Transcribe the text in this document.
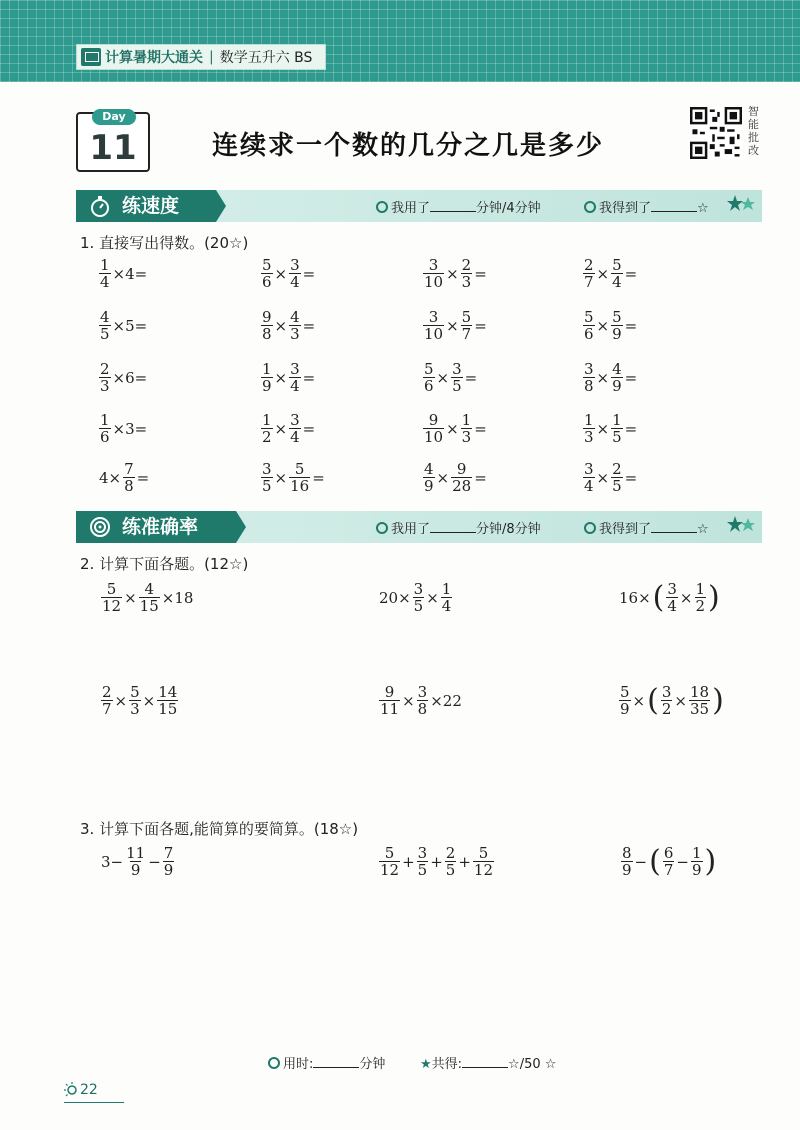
计算暑期大通关 | 数学五升六 BS
Day
11	连续求一个数的几分之几是多少
智
能
批
改
练速度	我用了	分钟/4分钟	我得到了	☆
1. 直接写出得数。(20☆)
$\frac{1}{4} \times 4=$	$\frac{5}{6} \times \frac{3}{4}$ =	$\frac{3}{10} \times \frac{2}{3}$ =	$\frac{2}{7} \times \frac{5}{4}$ =
$\frac{4}{5} \times 5=$	$\frac{9}{8} \times \frac{4}{3}$ =	$\frac{3}{10} \times \frac{5}{7}$ =	$\frac{5}{6} \times \frac{5}{9}$ =
$\frac{2}{3} \times 6=$	$\frac{1}{9} \times \frac{3}{4}$ =	$\frac{5}{6} \times \frac{3}{5}$ =	$\frac{3}{8} \times \frac{4}{9}$ =
$\frac{1}{6} \times 3=$	$\frac{1}{2} \times \frac{3}{4}$ =	$\frac{9}{10} \times \frac{1}{3}$ =	$\frac{1}{3} \times \frac{1}{5}$ =
$4\times \frac{7}{8}$ =	$\frac{3}{5} \times \frac{5}{16}$ =	$\frac{4}{9} \times \frac{9}{28}$ =	$\frac{3}{4} \times \frac{2}{5}$ =
练准确率	我用了	分钟/8分钟	我得到了	☆
2. 计算下面各题。(12☆)
$\frac{5}{12} \times \frac{4}{15} \times 18$	$20\times \frac{3}{5} \times \frac{1}{4}$	16× ( $\frac{3}{4} \times \frac{1}{2}$ )
$\frac{2}{7} \times \frac{5}{3} \times \frac{14}{15}$	$\frac{9}{11} \times \frac{3}{8} \times 22$	$\frac{5}{9}$ × ( $\frac{3}{2} \times \frac{18}{35}$ )
3. 计算下面各题,能简算的要简算。(18☆)
$3- \frac{11}{9} - \frac{7}{9}$	$\frac{5}{12} + \frac{3}{5} + \frac{2}{5} + \frac{5}{12}$	$\frac{8}{9}$ − ( $\frac{6}{7} - \frac{1}{9}$ )
用时:	分钟	★共得:	☆/50 ☆
22
